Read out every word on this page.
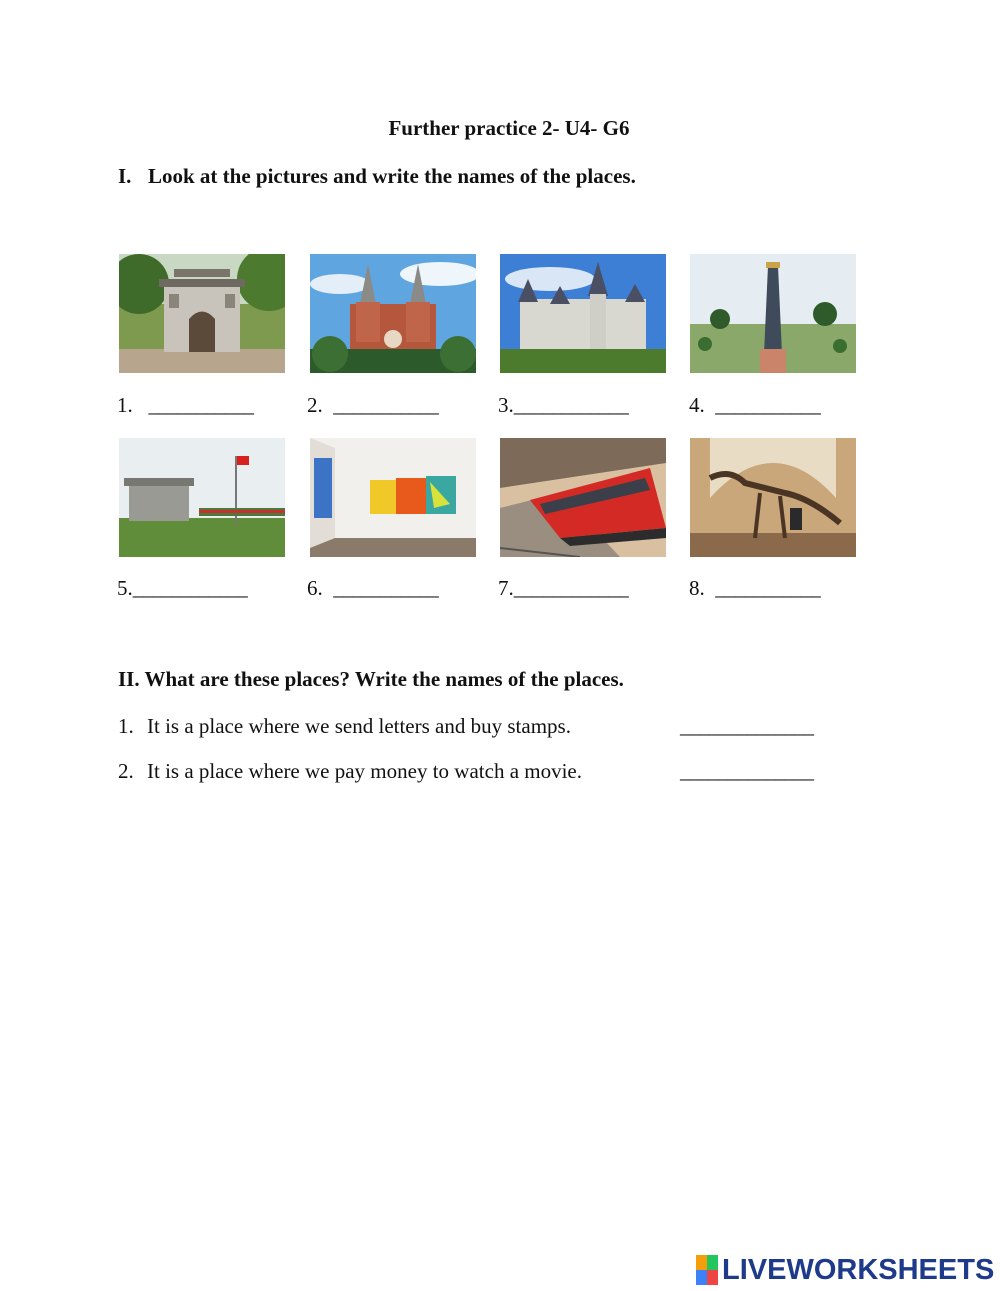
Further practice 2- U4- G6
I. Look at the pictures and write the names of the places.
1. ___________	2. ___________	3.____________	4. ___________
5.____________	6. ___________	7.____________	8. ___________
II. What are these places? Write the names of the places.
1. It is a place where we send letters and buy stamps.	______________
2. It is a place where we pay money to watch a movie.	______________
LIVEWORKSHEETS
